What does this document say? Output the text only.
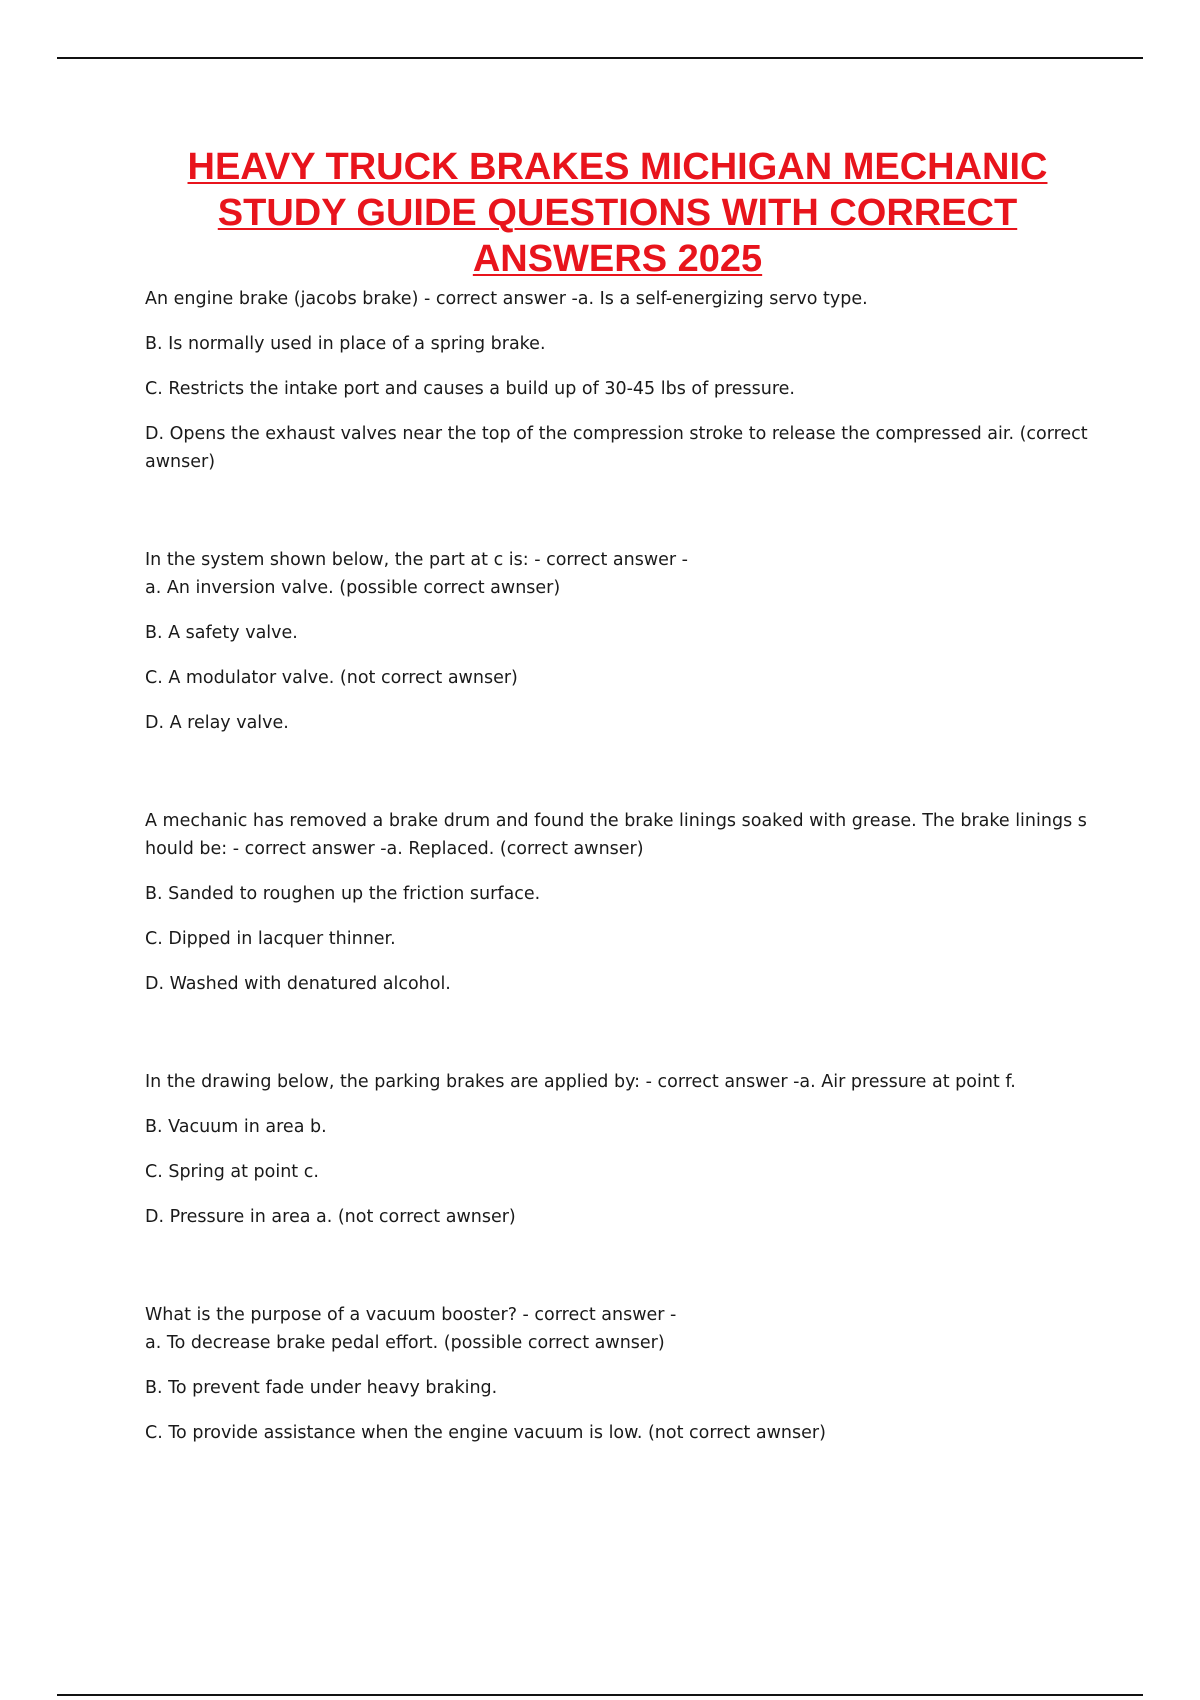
HEAVY TRUCK BRAKES MICHIGAN MECHANIC STUDY GUIDE QUESTIONS WITH CORRECT ANSWERS 2025
An engine brake (jacobs brake) - correct answer -a. Is a self-energizing servo type.
B. Is normally used in place of a spring brake.
C. Restricts the intake port and causes a build up of 30-45 lbs of pressure.
D. Opens the exhaust valves near the top of the compression stroke to release the compressed air. (correct awnser)
In the system shown below, the part at c is: - correct answer -
a. An inversion valve. (possible correct awnser)
B. A safety valve.
C. A modulator valve. (not correct awnser)
D. A relay valve.
A mechanic has removed a brake drum and found the brake linings soaked with grease. The brake linings should be: - correct answer -a. Replaced. (correct awnser)
B. Sanded to roughen up the friction surface.
C. Dipped in lacquer thinner.
D. Washed with denatured alcohol.
In the drawing below, the parking brakes are applied by: - correct answer -a. Air pressure at point f.
B. Vacuum in area b.
C. Spring at point c.
D. Pressure in area a. (not correct awnser)
What is the purpose of a vacuum booster? - correct answer -
a. To decrease brake pedal effort. (possible correct awnser)
B. To prevent fade under heavy braking.
C. To provide assistance when the engine vacuum is low. (not correct awnser)
